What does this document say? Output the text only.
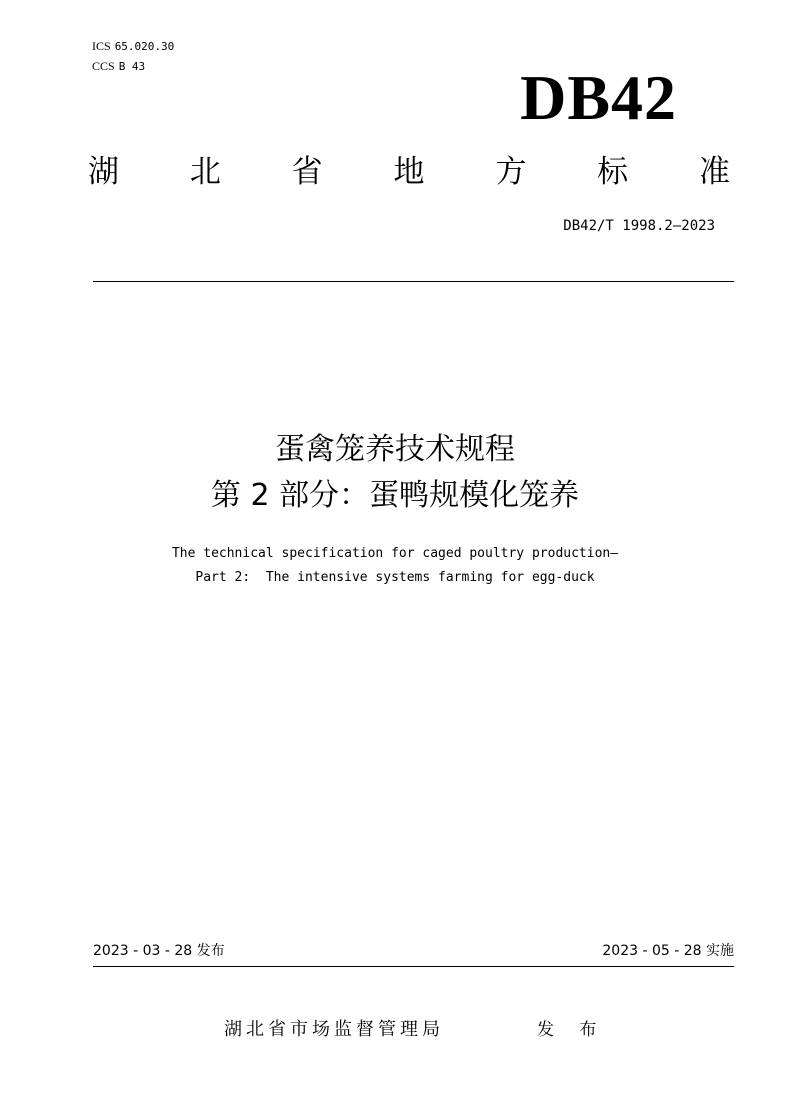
ICS 65.020.30
CCS B 43	DB42
湖 北 省 地 方 标 准
DB42/T 1998.2—2023
蛋禽笼养技术规程
第 2 部分：蛋鸭规模化笼养
The technical specification for caged poultry production—
Part 2:  The intensive systems farming for egg-duck
2023 - 03 - 28 发布	2023 - 05 - 28 实施
湖北省市场监督管理局	发 布
